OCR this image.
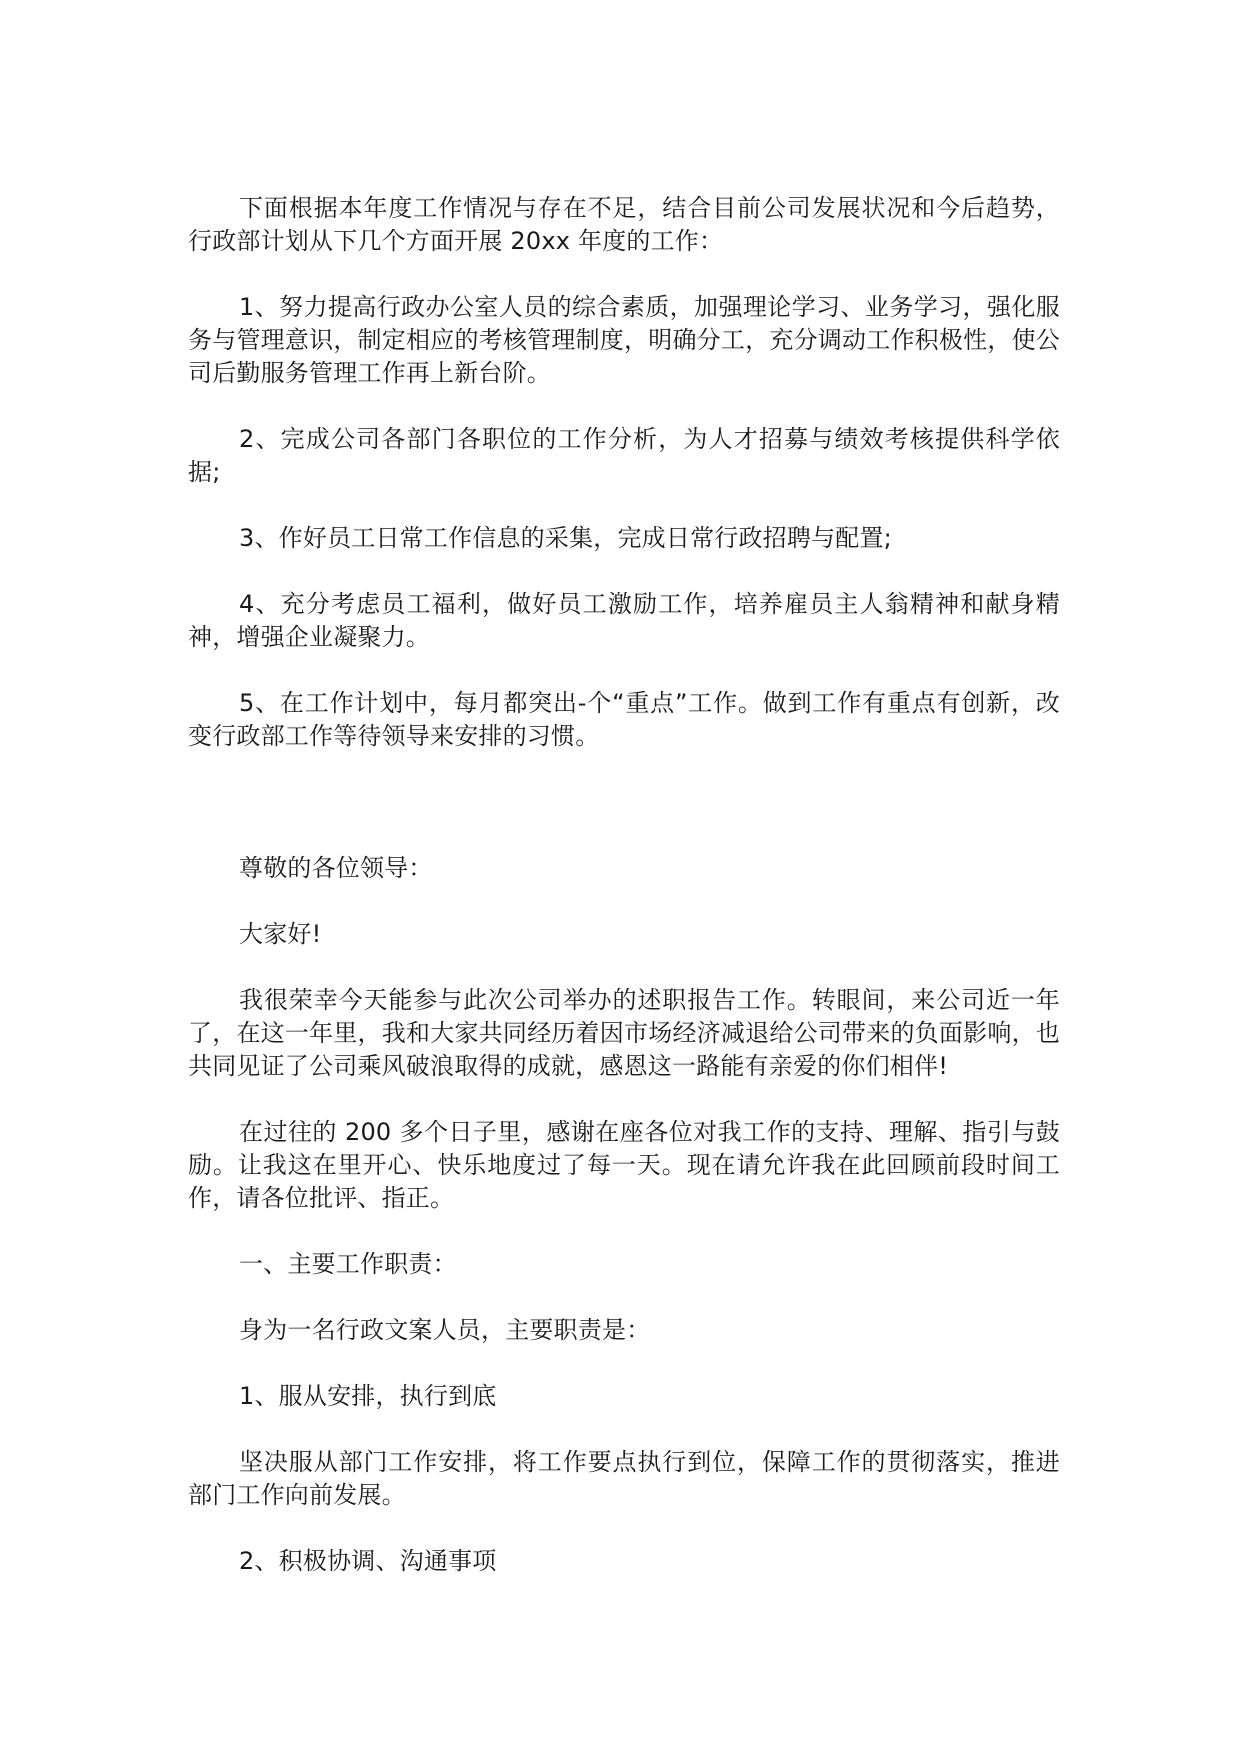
下面根据本年度工作情况与存在不足，结合目前公司发展状况和今后趋势，行政部计划从下几个方面开展 20xx 年度的工作：

1、努力提高行政办公室人员的综合素质，加强理论学习、业务学习，强化服务与管理意识，制定相应的考核管理制度，明确分工，充分调动工作积极性，使公司后勤服务管理工作再上新台阶。

2、完成公司各部门各职位的工作分析，为人才招募与绩效考核提供科学依据;

3、作好员工日常工作信息的采集，完成日常行政招聘与配置;

4、充分考虑员工福利，做好员工激励工作，培养雇员主人翁精神和献身精神，增强企业凝聚力。

5、在工作计划中，每月都突出-个“重点”工作。做到工作有重点有创新，改变行政部工作等待领导来安排的习惯。

尊敬的各位领导：

大家好!

我很荣幸今天能参与此次公司举办的述职报告工作。转眼间，来公司近一年了，在这一年里，我和大家共同经历着因市场经济减退给公司带来的负面影响，也共同见证了公司乘风破浪取得的成就，感恩这一路能有亲爱的你们相伴!

在过往的 200 多个日子里，感谢在座各位对我工作的支持、理解、指引与鼓励。让我这在里开心、快乐地度过了每一天。现在请允许我在此回顾前段时间工作，请各位批评、指正。

一、主要工作职责：

身为一名行政文案人员，主要职责是：

1、服从安排，执行到底

坚决服从部门工作安排，将工作要点执行到位，保障工作的贯彻落实，推进部门工作向前发展。

2、积极协调、沟通事项
